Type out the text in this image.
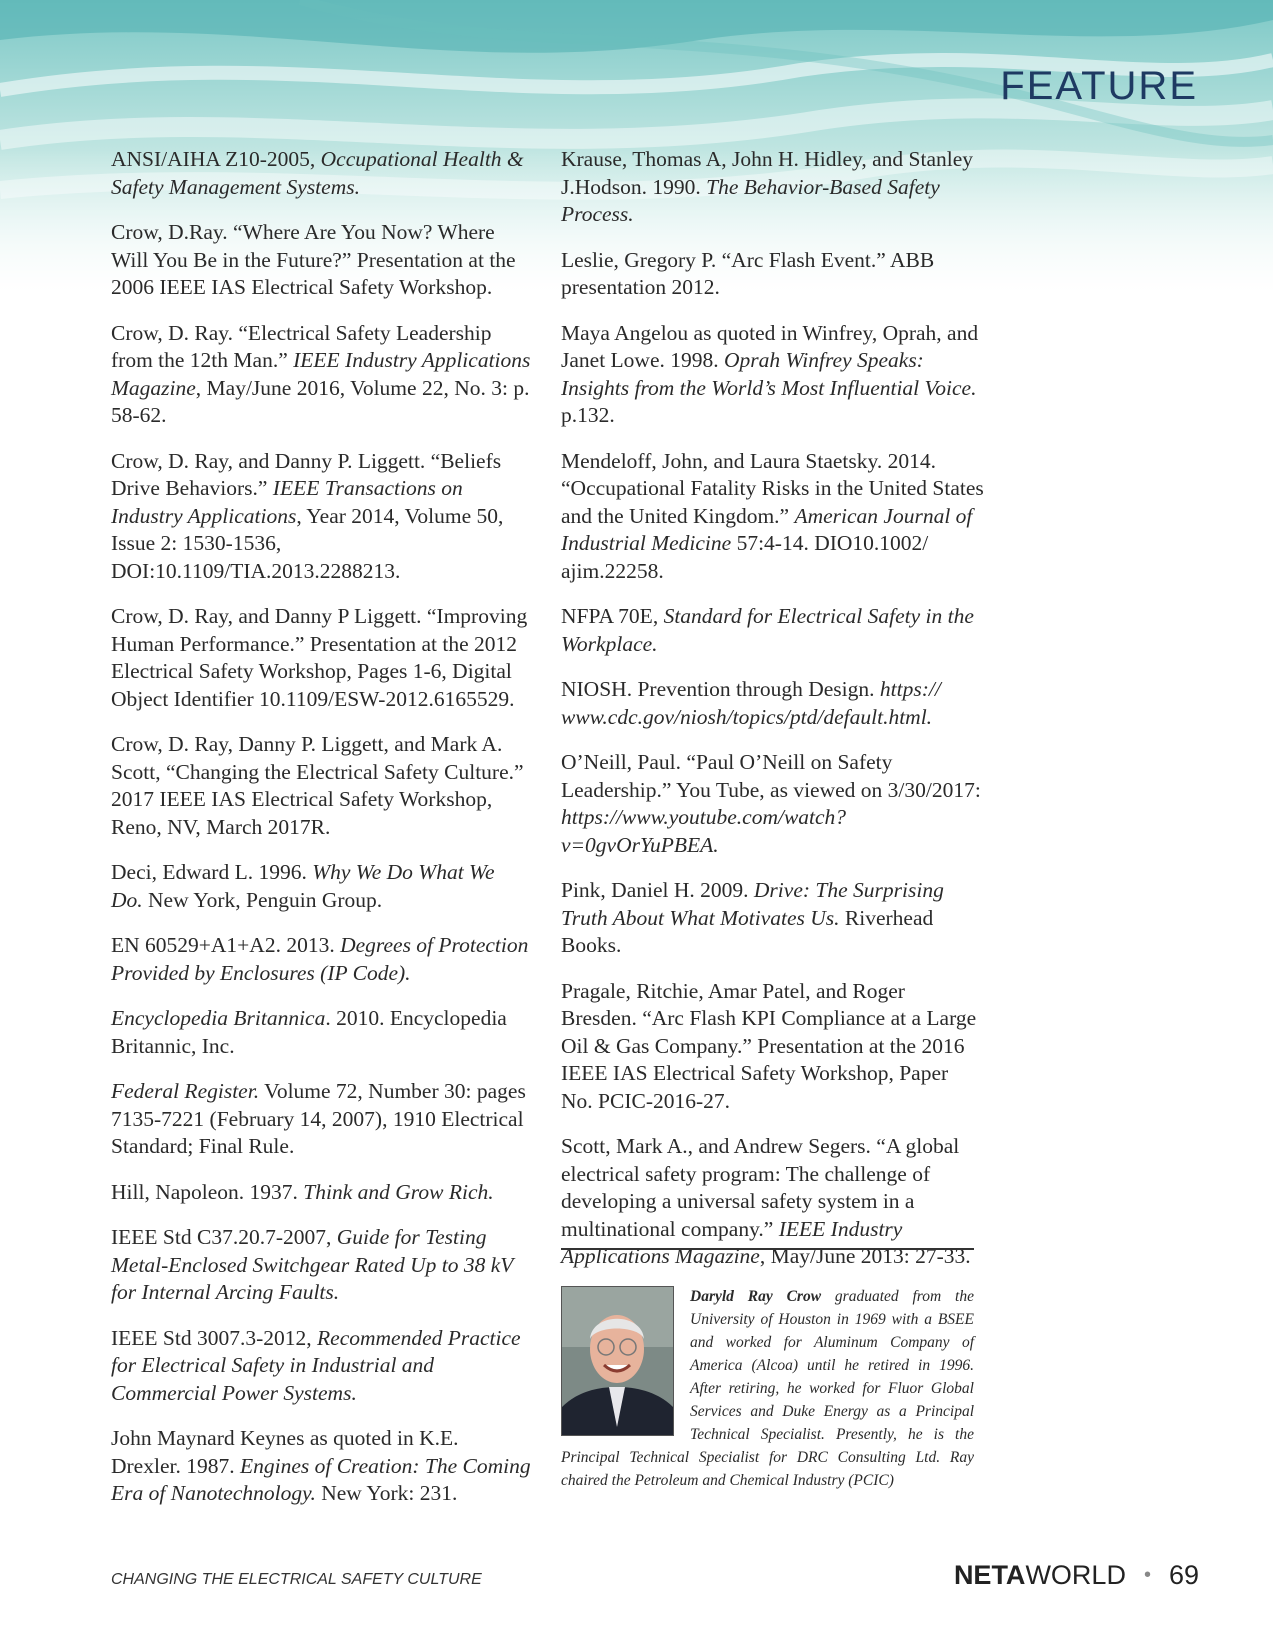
FEATURE

ANSI/AIHA Z10-2005, Occupational Health & Safety Management Systems.

Crow, D.Ray. “Where Are You Now? Where Will You Be in the Future?” Presentation at the 2006 IEEE IAS Electrical Safety Workshop.

Crow, D. Ray. “Electrical Safety Leadership from the 12th Man.” IEEE Industry Applications Magazine, May/June 2016, Volume 22, No. 3: p. 58-62.

Crow, D. Ray, and Danny P. Liggett. “Beliefs Drive Behaviors.” IEEE Transactions on Industry Applications, Year 2014, Volume 50, Issue 2: 1530-1536, DOI:10.1109/TIA.2013.2288213.

Crow, D. Ray, and Danny P Liggett. “Improving Human Performance.” Presentation at the 2012 Electrical Safety Workshop, Pages 1-6, Digital Object Identifier 10.1109/ESW-2012.6165529.

Crow, D. Ray, Danny P. Liggett, and Mark A. Scott, “Changing the Electrical Safety Culture.” 2017 IEEE IAS Electrical Safety Workshop, Reno, NV, March 2017R.

Deci, Edward L. 1996. Why We Do What We Do. New York, Penguin Group.

EN 60529+A1+A2. 2013. Degrees of Protection Provided by Enclosures (IP Code).

Encyclopedia Britannica. 2010. Encyclopedia Britannic, Inc.

Federal Register. Volume 72, Number 30: pages 7135-7221 (February 14, 2007), 1910 Electrical Standard; Final Rule.

Hill, Napoleon. 1937. Think and Grow Rich.

IEEE Std C37.20.7-2007, Guide for Testing Metal-Enclosed Switchgear Rated Up to 38 kV for Internal Arcing Faults.

IEEE Std 3007.3-2012, Recommended Practice for Electrical Safety in Industrial and Commercial Power Systems.

John Maynard Keynes as quoted in K.E. Drexler. 1987. Engines of Creation: The Coming Era of Nanotechnology. New York: 231.

Krause, Thomas A, John H. Hidley, and Stanley J.Hodson. 1990. The Behavior-Based Safety Process.

Leslie, Gregory P. “Arc Flash Event.” ABB presentation 2012.

Maya Angelou as quoted in Winfrey, Oprah, and Janet Lowe. 1998. Oprah Winfrey Speaks: Insights from the World’s Most Influential Voice. p.132.

Mendeloff, John, and Laura Staetsky. 2014. “Occupational Fatality Risks in the United States and the United Kingdom.” American Journal of Industrial Medicine 57:4-14. DIO10.1002/ ajim.22258.

NFPA 70E, Standard for Electrical Safety in the Workplace.

NIOSH. Prevention through Design. https:// www.cdc.gov/niosh/topics/ptd/default.html.

O’Neill, Paul. “Paul O’Neill on Safety Leadership.” You Tube, as viewed on 3/30/2017: https://www.youtube.com/watch?v=0gvOrYuPBEA.

Pink, Daniel H. 2009. Drive: The Surprising Truth About What Motivates Us. Riverhead Books.

Pragale, Ritchie, Amar Patel, and Roger Bresden. “Arc Flash KPI Compliance at a Large Oil & Gas Company.” Presentation at the 2016 IEEE IAS Electrical Safety Workshop, Paper No. PCIC-2016-27.

Scott, Mark A., and Andrew Segers. “A global electrical safety program: The challenge of developing a universal safety system in a multinational company.” IEEE Industry Applications Magazine, May/June 2013: 27-33.

Daryld Ray Crow graduated from the University of Houston in 1969 with a BSEE and worked for Aluminum Company of America (Alcoa) until he retired in 1996. After retiring, he worked for Fluor Global Services and Duke Energy as a Principal Technical Specialist. Presently, he is the Principal Technical Specialist for DRC Consulting Ltd. Ray chaired the Petroleum and Chemical Industry (PCIC)
CHANGING THE ELECTRICAL SAFETY CULTURE	NETAWORLD • 69
